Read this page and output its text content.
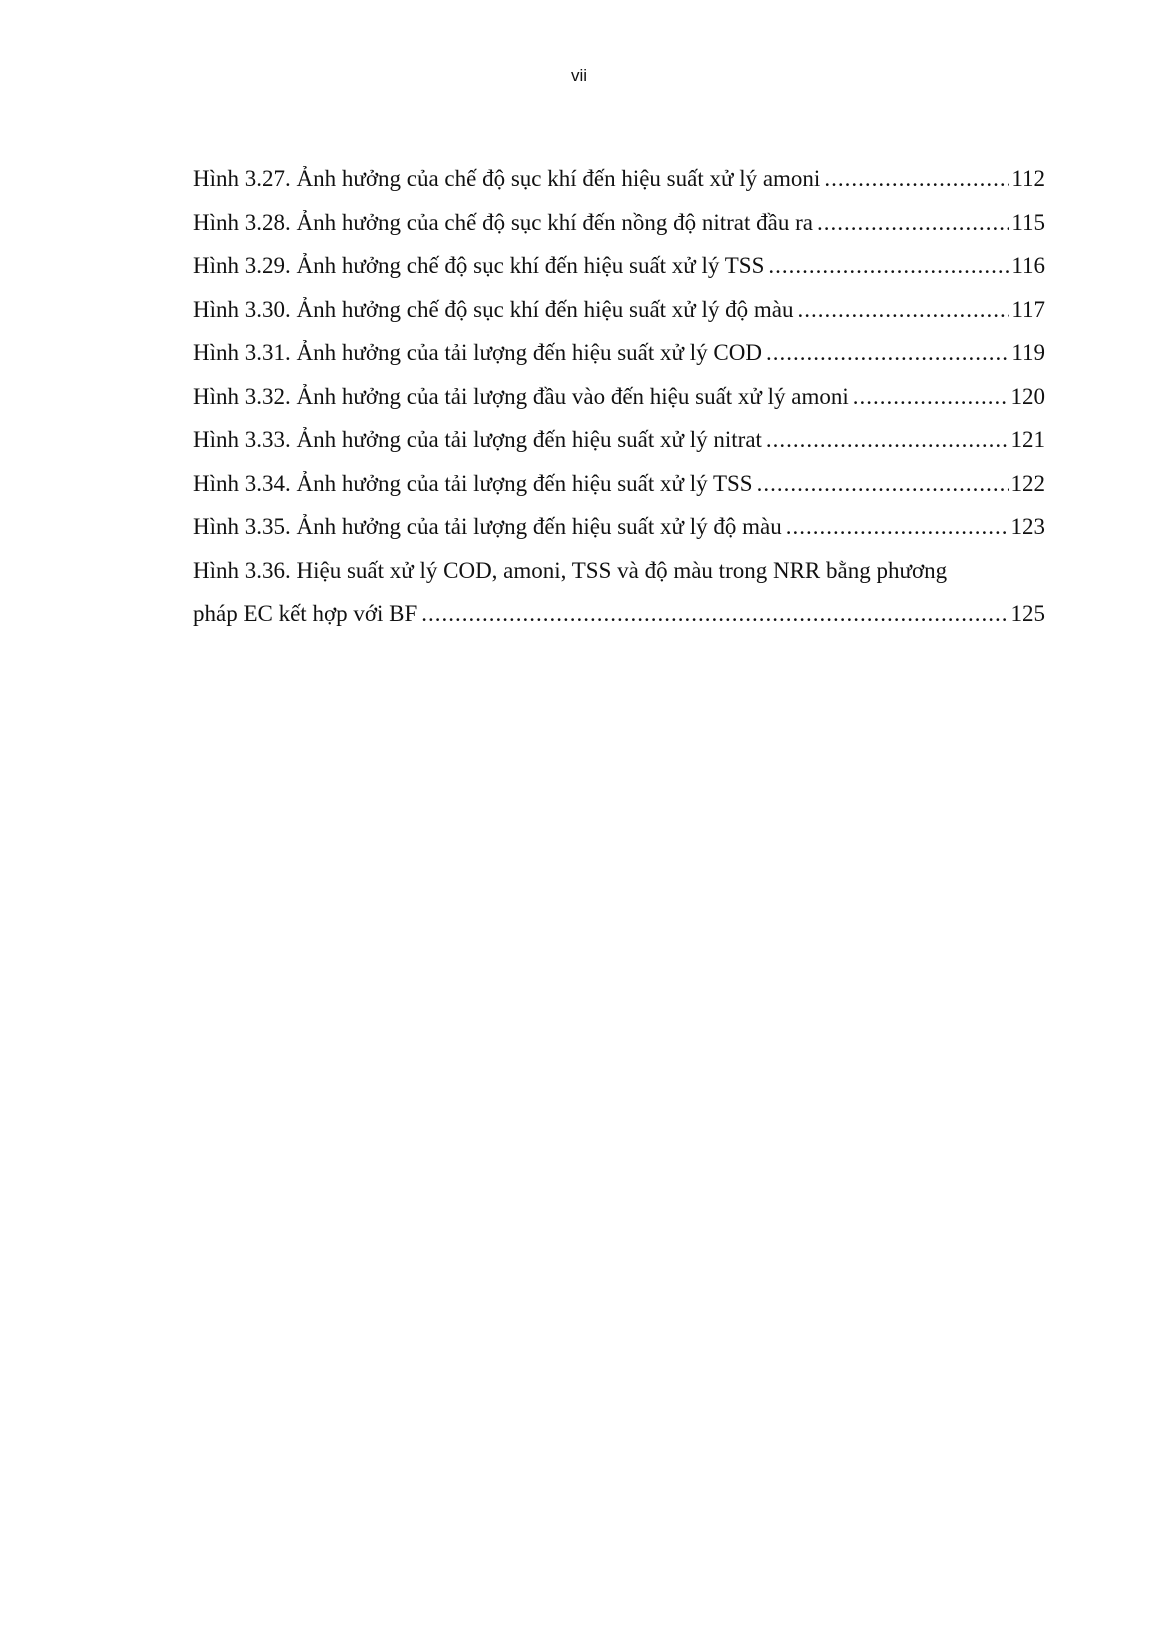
vii
Hình 3.27. Ảnh hưởng của chế độ sục khí đến hiệu suất xử lý amoni .....	112
Hình 3.28. Ảnh hưởng của chế độ sục khí đến nồng độ nitrat đầu ra .....	115
Hình 3.29. Ảnh hưởng chế độ sục khí đến hiệu suất xử lý TSS .....	116
Hình 3.30. Ảnh hưởng chế độ sục khí đến hiệu suất xử lý độ màu .....	117
Hình 3.31. Ảnh hưởng của tải lượng đến hiệu suất xử lý COD .....	119
Hình 3.32. Ảnh hưởng của tải lượng đầu vào đến hiệu suất xử lý amoni .....	120
Hình 3.33. Ảnh hưởng của tải lượng đến hiệu suất xử lý nitrat .....	121
Hình 3.34. Ảnh hưởng của tải lượng đến hiệu suất xử lý TSS .....	122
Hình 3.35. Ảnh hưởng của tải lượng đến hiệu suất xử lý độ màu .....	123
Hình 3.36. Hiệu suất xử lý COD, amoni, TSS và độ màu trong NRR bằng phương
pháp EC kết hợp với BF .....	125
